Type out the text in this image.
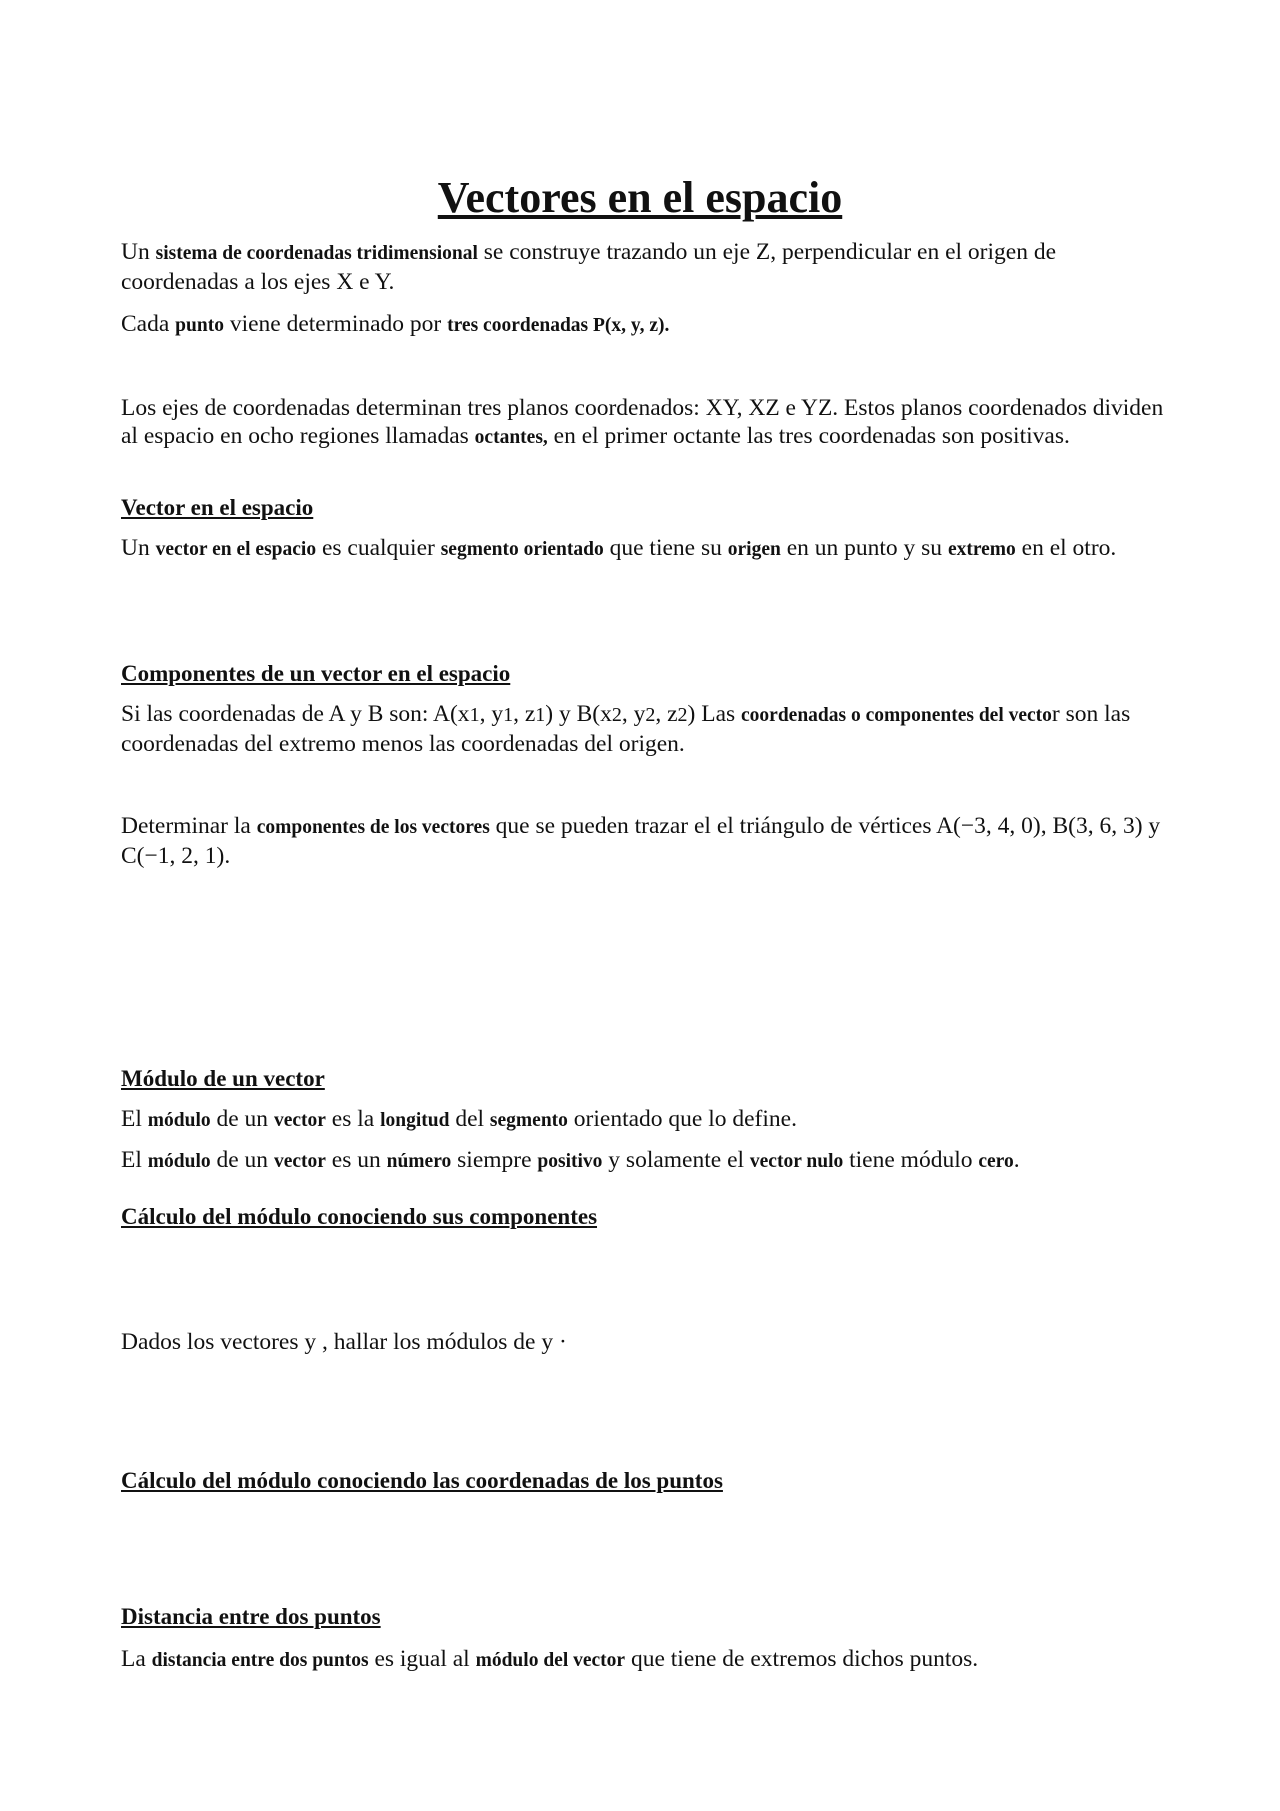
Vectores en el espacio

Un sistema de coordenadas tridimensional se construye trazando un eje Z, perpendicular en el origen de coordenadas a los ejes X e Y.

Cada punto viene determinado por tres coordenadas P(x, y, z).

Los ejes de coordenadas determinan tres planos coordenados: XY, XZ e YZ. Estos planos coordenados dividen al espacio en ocho regiones llamadas octantes, en el primer octante las tres coordenadas son positivas.

Vector en el espacio

Un vector en el espacio es cualquier segmento orientado que tiene su origen en un punto y su extremo en el otro.

Componentes de un vector en el espacio

Si las coordenadas de A y B son: A(x1, y1, z1) y B(x2, y2, z2) Las coordenadas o componentes del vector son las coordenadas del extremo menos las coordenadas del origen.

Determinar la componentes de los vectores que se pueden trazar el el triángulo de vértices A(−3, 4, 0), B(3, 6, 3) y C(−1, 2, 1).

Módulo de un vector

El módulo de un vector es la longitud del segmento orientado que lo define.

El módulo de un vector es un número siempre positivo y solamente el vector nulo tiene módulo cero.

Cálculo del módulo conociendo sus componentes

Dados los vectores y , hallar los módulos de y ·

Cálculo del módulo conociendo las coordenadas de los puntos
Distancia entre dos puntos

La distancia entre dos puntos es igual al módulo del vector que tiene de extremos dichos puntos.
